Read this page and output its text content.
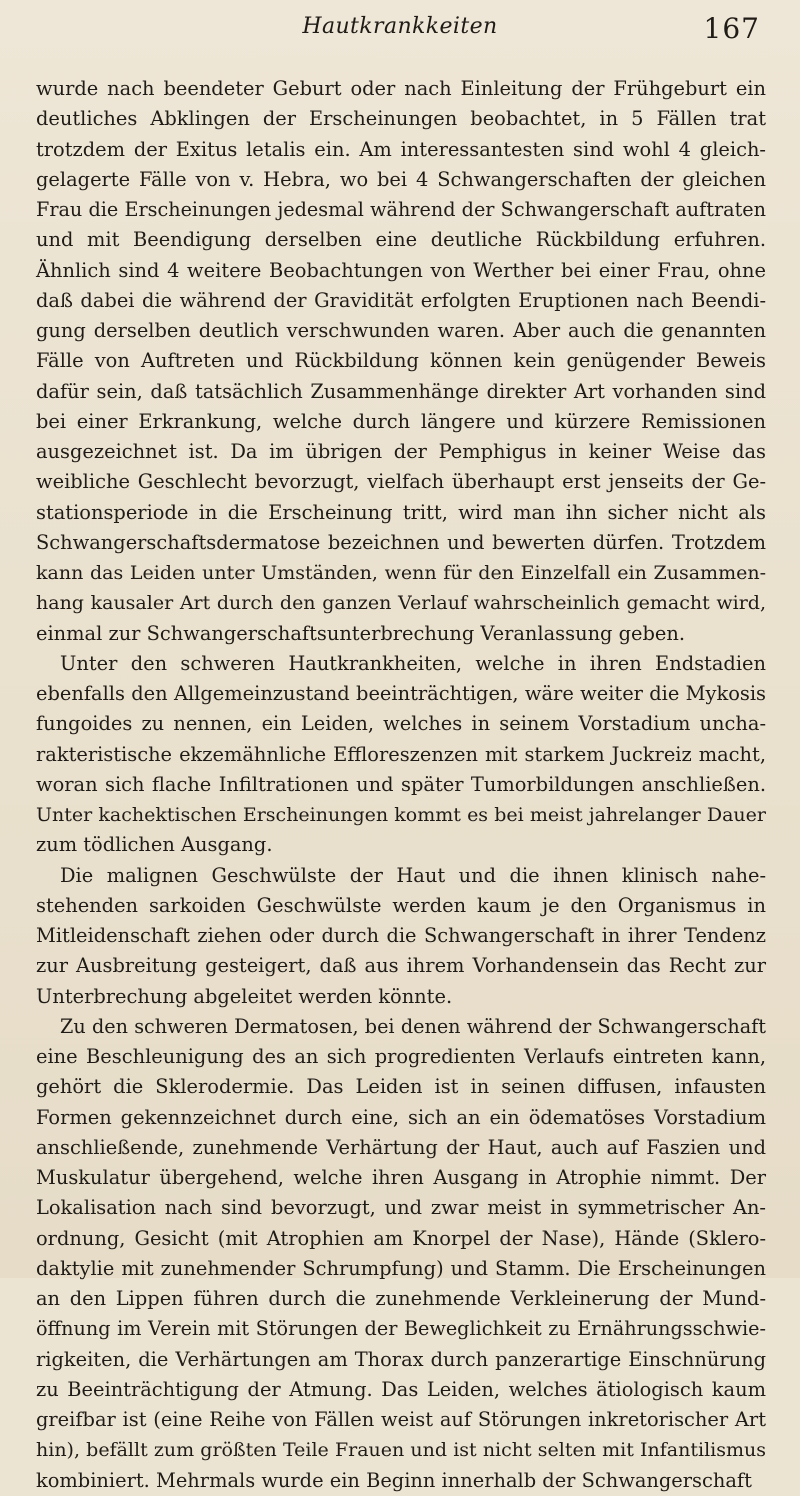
Hautkrankkeiten	167
wurde nach beendeter Geburt oder nach Einleitung der Frühgeburt ein
deutliches Abklingen der Erscheinungen beobachtet, in 5 Fällen trat
trotzdem der Exitus letalis ein. Am interessantesten sind wohl 4 gleich-
gelagerte Fälle von v. Hebra, wo bei 4 Schwangerschaften der gleichen
Frau die Erscheinungen jedesmal während der Schwangerschaft auftraten
und mit Beendigung derselben eine deutliche Rückbildung erfuhren.
Ähnlich sind 4 weitere Beobachtungen von Werther bei einer Frau, ohne
daß dabei die während der Gravidität erfolgten Eruptionen nach Beendi-
gung derselben deutlich verschwunden waren. Aber auch die genannten
Fälle von Auftreten und Rückbildung können kein genügender Beweis
dafür sein, daß tatsächlich Zusammenhänge direkter Art vorhanden sind
bei einer Erkrankung, welche durch längere und kürzere Remissionen
ausgezeichnet ist. Da im übrigen der Pemphigus in keiner Weise das
weibliche Geschlecht bevorzugt, vielfach überhaupt erst jenseits der Ge-
stationsperiode in die Erscheinung tritt, wird man ihn sicher nicht als
Schwangerschaftsdermatose bezeichnen und bewerten dürfen. Trotzdem
kann das Leiden unter Umständen, wenn für den Einzelfall ein Zusammen-
hang kausaler Art durch den ganzen Verlauf wahrscheinlich gemacht wird,
einmal zur Schwangerschaftsunterbrechung Veranlassung geben.
Unter den schweren Hautkrankheiten, welche in ihren Endstadien
ebenfalls den Allgemeinzustand beeinträchtigen, wäre weiter die Mykosis
fungoides zu nennen, ein Leiden, welches in seinem Vorstadium uncha-
rakteristische ekzemähnliche Effloreszenzen mit starkem Juckreiz macht,
woran sich flache Infiltrationen und später Tumorbildungen anschließen.
Unter kachektischen Erscheinungen kommt es bei meist jahrelanger Dauer
zum tödlichen Ausgang.
Die malignen Geschwülste der Haut und die ihnen klinisch nahe-
stehenden sarkoiden Geschwülste werden kaum je den Organismus in
Mitleidenschaft ziehen oder durch die Schwangerschaft in ihrer Tendenz
zur Ausbreitung gesteigert, daß aus ihrem Vorhandensein das Recht zur
Unterbrechung abgeleitet werden könnte.
Zu den schweren Dermatosen, bei denen während der Schwangerschaft
eine Beschleunigung des an sich progredienten Verlaufs eintreten kann,
gehört die Sklerodermie. Das Leiden ist in seinen diffusen, infausten
Formen gekennzeichnet durch eine, sich an ein ödematöses Vorstadium
anschließende, zunehmende Verhärtung der Haut, auch auf Faszien und
Muskulatur übergehend, welche ihren Ausgang in Atrophie nimmt. Der
Lokalisation nach sind bevorzugt, und zwar meist in symmetrischer An-
ordnung, Gesicht (mit Atrophien am Knorpel der Nase), Hände (Sklero-
daktylie mit zunehmender Schrumpfung) und Stamm. Die Erscheinungen
an den Lippen führen durch die zunehmende Verkleinerung der Mund-
öffnung im Verein mit Störungen der Beweglichkeit zu Ernährungsschwie-
rigkeiten, die Verhärtungen am Thorax durch panzerartige Einschnürung
zu Beeinträchtigung der Atmung. Das Leiden, welches ätiologisch kaum
greifbar ist (eine Reihe von Fällen weist auf Störungen inkretorischer Art
hin), befällt zum größten Teile Frauen und ist nicht selten mit Infantilismus
kombiniert. Mehrmals wurde ein Beginn innerhalb der Schwangerschaft
